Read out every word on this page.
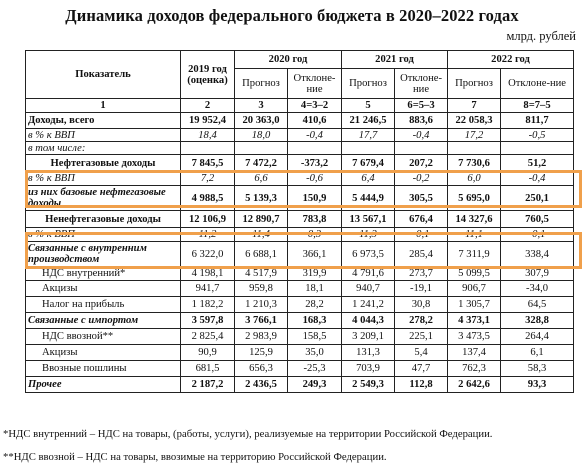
Динамика доходов федерального бюджета в 2020–2022 годах
млрд. рублей
Показатель	2019 год (оценка)	2020 год		2021 год		2022 год	
		Прогноз	Отклоне-ние	Прогноз	Отклоне-ние	Прогноз	Отклоне-ние
1	2	3	4=3–2	5	6=5–3	7	8=7–5
Доходы, всего	19 952,4	20 363,0	410,6	21 246,5	883,6	22 058,3	811,7
в % к ВВП	18,4	18,0	-0,4	17,7	-0,4	17,2	-0,5
в том числе:							
Нефтегазовые доходы	7 845,5	7 472,2	-373,2	7 679,4	207,2	7 730,6	51,2
в % к ВВП	7,2	6,6	-0,6	6,4	-0,2	6,0	-0,4
из них базовые нефтегазовые доходы	4 988,5	5 139,3	150,9	5 444,9	305,5	5 695,0	250,1
Ненефтегазовые доходы	12 106,9	12 890,7	783,8	13 567,1	676,4	14 327,6	760,5
в % к ВВП	11,2	11,4	0,3	11,3	-0,1	11,1	-0,1
Связанные с внутренним производством	6 322,0	6 688,1	366,1	6 973,5	285,4	7 311,9	338,4
НДС внутренний*	4 198,1	4 517,9	319,9	4 791,6	273,7	5 099,5	307,9
Акцизы	941,7	959,8	18,1	940,7	-19,1	906,7	-34,0
Налог на прибыль	1 182,2	1 210,3	28,2	1 241,2	30,8	1 305,7	64,5
Связанные с импортом	3 597,8	3 766,1	168,3	4 044,3	278,2	4 373,1	328,8
НДС ввозной**	2 825,4	2 983,9	158,5	3 209,1	225,1	3 473,5	264,4
Акцизы	90,9	125,9	35,0	131,3	5,4	137,4	6,1
Ввозные пошлины	681,5	656,3	-25,3	703,9	47,7	762,3	58,3
Прочее	2 187,2	2 436,5	249,3	2 549,3	112,8	2 642,6	93,3
*НДС внутренний – НДС на товары, (работы, услуги), реализуемые на территории Российской Федерации.
**НДС ввозной – НДС на товары, ввозимые на территорию Российской Федерации.
